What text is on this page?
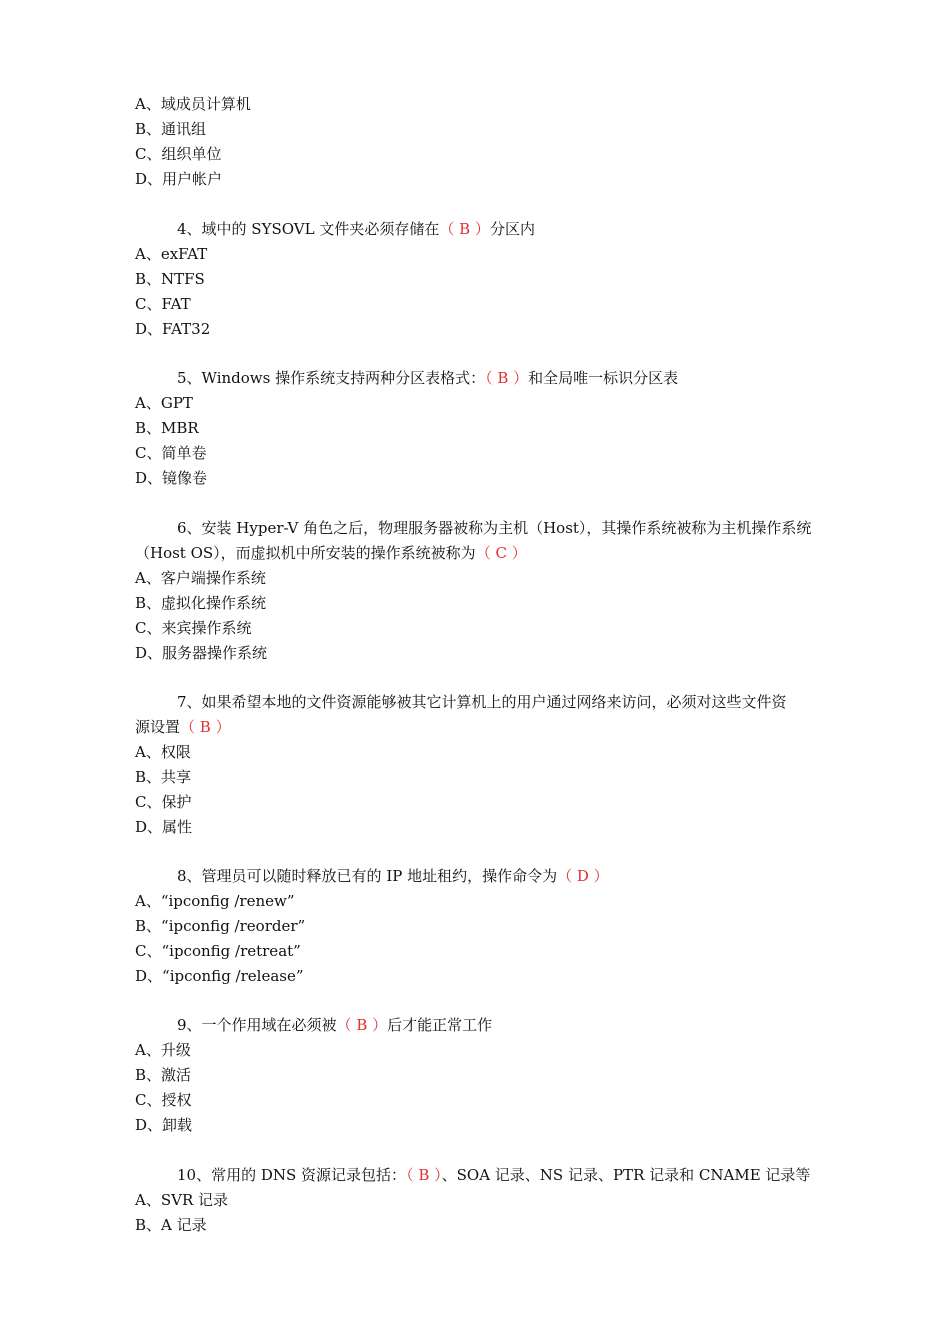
A、域成员计算机
B、通讯组
C、组织单位
D、用户帐户
4、域中的 SYSOVL 文件夹必须存储在（ B ）分区内
A、exFAT
B、NTFS
C、FAT
D、FAT32
5、Windows 操作系统支持两种分区表格式：（ B ）和全局唯一标识分区表
A、GPT
B、MBR
C、简单卷
D、镜像卷
6、安装 Hyper-V 角色之后，物理服务器被称为主机（Host），其操作系统被称为主机操作系统
（Host OS），而虚拟机中所安装的操作系统被称为（ C ）
A、客户端操作系统
B、虚拟化操作系统
C、来宾操作系统
D、服务器操作系统
7、如果希望本地的文件资源能够被其它计算机上的用户通过网络来访问，必须对这些文件资
源设置（ B ）
A、权限
B、共享
C、保护
D、属性
8、管理员可以随时释放已有的 IP 地址租约，操作命令为（ D ）
A、“ipconfig /renew”
B、“ipconfig /reorder”
C、“ipconfig /retreat”
D、“ipconfig /release”
9、一个作用域在必须被（ B ）后才能正常工作
A、升级
B、激活
C、授权
D、卸载
10、常用的 DNS 资源记录包括：（ B ）、SOA 记录、NS 记录、PTR 记录和 CNAME 记录等
A、SVR 记录
B、A 记录
